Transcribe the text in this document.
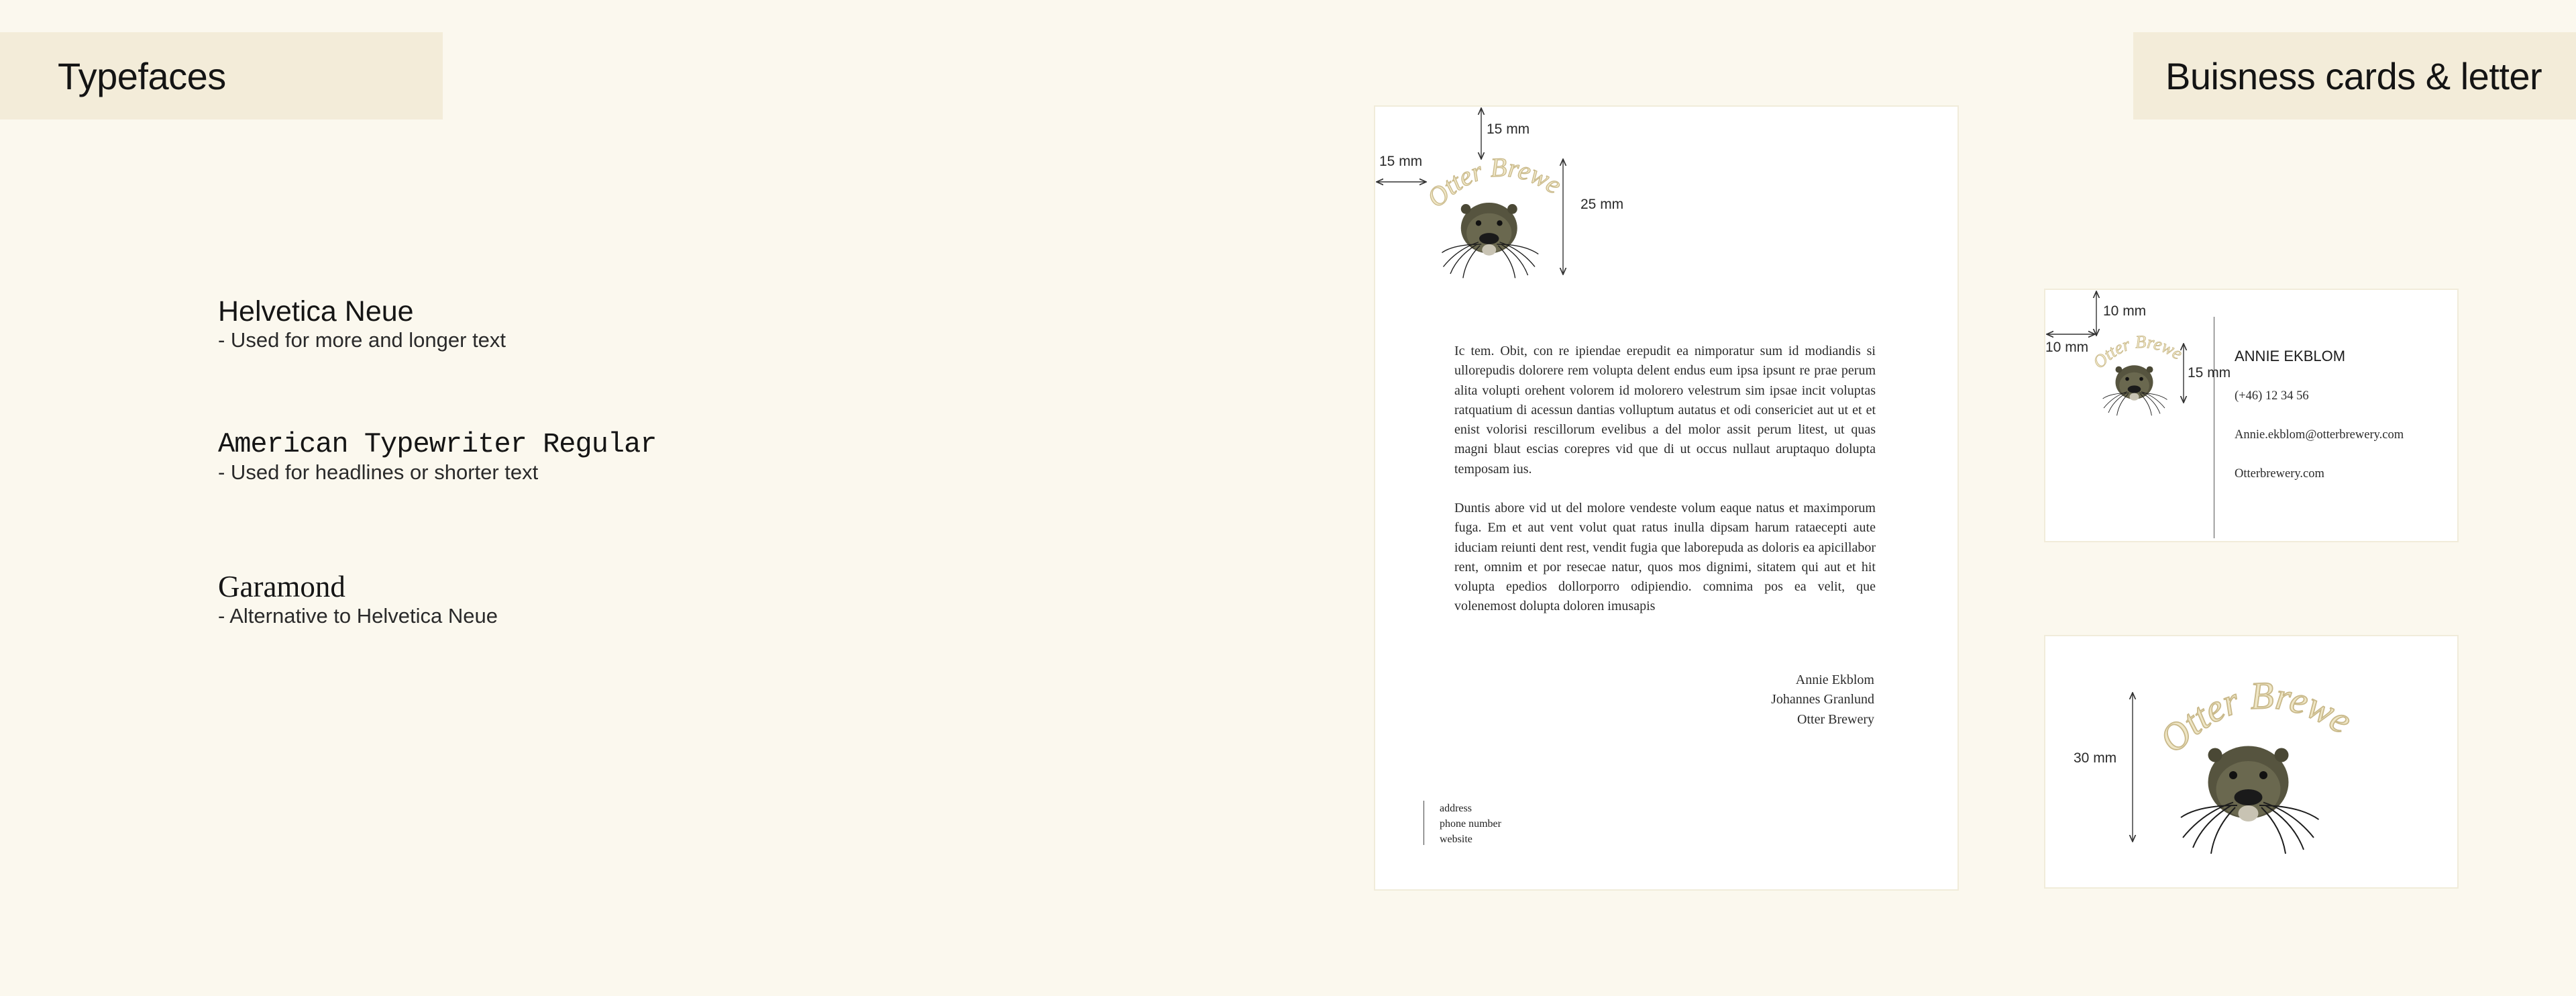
Typefaces
Helvetica Neue
- Used for more and longer text
American Typewriter Regular
- Used for headlines or shorter text
Garamond
- Alternative to Helvetica Neue
Buisness cards & letter
15 mm
15 mm
25 mm
Ic tem. Obit, con re ipiendae erepudit ea nimporatur sum id modiandis si ullorepudis dolorere rem volupta delent endus eum ipsa ipsunt re prae perum alita volupti orehent volorem id molorero velestrum sim ipsae incit voluptas ratquatium di acessun dantias volluptum autatus et odi consericiet aut ut et et enist volorisi rescillorum evelibus a del molor assit perum litest, ut quas magni blaut escias corepres vid que di ut occus nullaut aruptaquo dolupta temposam ius.
Duntis abore vid ut del molore vendeste volum eaque natus et maximporum fuga. Em et aut vent volut quat ratus inulla dipsam harum rataecepti aute iduciam reiunti dent rest, vendit fugia que laborepuda as doloris ea apicillabor rent, omnim et por resecae natur, quos mos dignimi, sitatem qui aut et hit volupta epedios dollorporro odipiendio. comnima pos ea velit, que volenemost dolupta doloren imusapis
Annie Ekblom
Johannes Granlund
Otter Brewery
address
phone number
website
10 mm
10 mm
15 mm
ANNIE EKBLOM
(+46) 12 34 56
Annie.ekblom@otterbrewery.com
Otterbrewery.com
30 mm
